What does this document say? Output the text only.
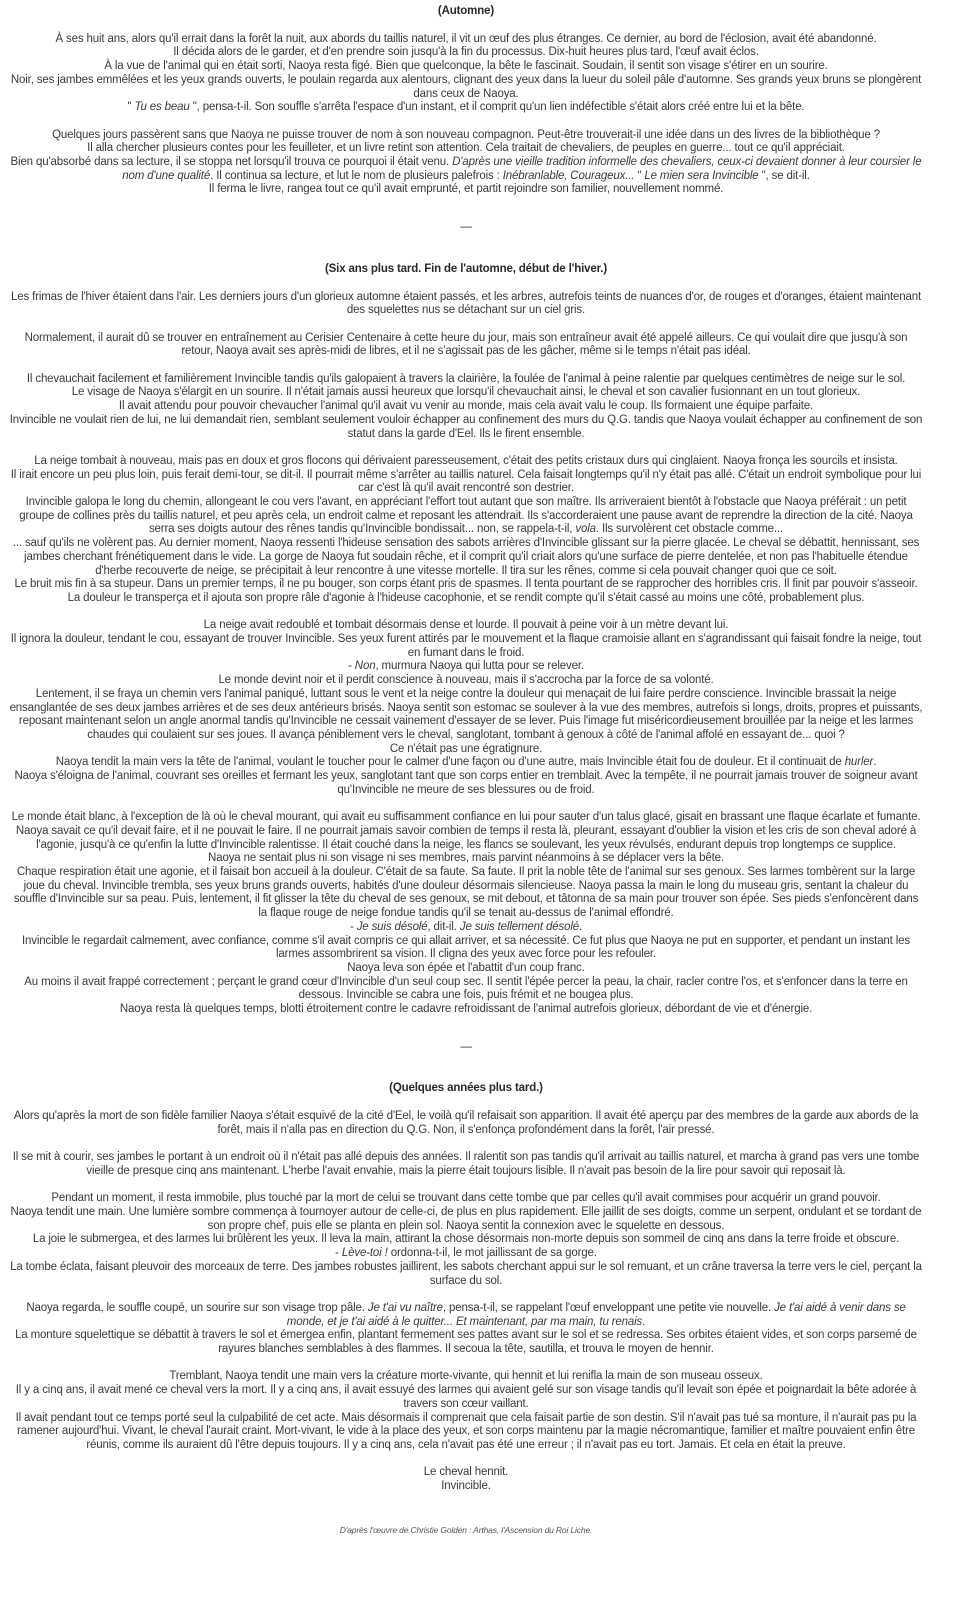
(Automne)
À ses huit ans, alors qu'il errait dans la forêt la nuit, aux abords du taillis naturel, il vit un œuf des plus étranges. Ce dernier, au bord de l'éclosion, avait été abandonné.
Il décida alors de le garder, et d'en prendre soin jusqu'à la fin du processus. Dix-huit heures plus tard, l'œuf avait éclos.
À la vue de l'animal qui en était sorti, Naoya resta figé. Bien que quelconque, la bête le fascinait. Soudain, il sentit son visage s'étirer en un sourire.
Noir, ses jambes emmêlées et les yeux grands ouverts, le poulain regarda aux alentours, clignant des yeux dans la lueur du soleil pâle d'automne. Ses grands yeux bruns se plongèrent dans ceux de Naoya.
" Tu es beau ", pensa-t-il. Son souffle s'arrêta l'espace d'un instant, et il comprit qu'un lien indéfectible s'était alors créé entre lui et la bête.
Quelques jours passèrent sans que Naoya ne puisse trouver de nom à son nouveau compagnon. Peut-être trouverait-il une idée dans un des livres de la bibliothèque ?
Il alla chercher plusieurs contes pour les feuilleter, et un livre retint son attention. Cela traitait de chevaliers, de peuples en guerre... tout ce qu'il appréciait.
Bien qu'absorbé dans sa lecture, il se stoppa net lorsqu'il trouva ce pourquoi il était venu. D'après une vieille tradition informelle des chevaliers, ceux-ci devaient donner à leur coursier le nom d'une qualité. Il continua sa lecture, et lut le nom de plusieurs palefrois : Inébranlable, Courageux... " Le mien sera Invincible ", se dit-il.
Il ferma le livre, rangea tout ce qu'il avait emprunté, et partit rejoindre son familier, nouvellement nommé.
—
(Six ans plus tard. Fin de l'automne, début de l'hiver.)
Les frimas de l'hiver étaient dans l'air. Les derniers jours d'un glorieux automne étaient passés, et les arbres, autrefois teints de nuances d'or, de rouges et d'oranges, étaient maintenant des squelettes nus se détachant sur un ciel gris.
Normalement, il aurait dû se trouver en entraînement au Cerisier Centenaire à cette heure du jour, mais son entraîneur avait été appelé ailleurs. Ce qui voulait dire que jusqu'à son retour, Naoya avait ses après-midi de libres, et il ne s'agissait pas de les gâcher, même si le temps n'était pas idéal.
Il chevauchait facilement et familièrement Invincible tandis qu'ils galopaient à travers la clairière, la foulée de l'animal à peine ralentie par quelques centimètres de neige sur le sol.
Le visage de Naoya s'élargit en un sourire. Il n'était jamais aussi heureux que lorsqu'il chevauchait ainsi, le cheval et son cavalier fusionnant en un tout glorieux.
Il avait attendu pour pouvoir chevaucher l'animal qu'il avait vu venir au monde, mais cela avait valu le coup. Ils formaient une équipe parfaite.
Invincible ne voulait rien de lui, ne lui demandait rien, semblant seulement vouloir échapper au confinement des murs du Q.G. tandis que Naoya voulait échapper au confinement de son statut dans la garde d'Eel. Ils le firent ensemble.
La neige tombait à nouveau, mais pas en doux et gros flocons qui dérivaient paresseusement, c'était des petits cristaux durs qui cinglaient. Naoya fronça les sourcils et insista.
Il irait encore un peu plus loin, puis ferait demi-tour, se dit-il. Il pourrait même s'arrêter au taillis naturel. Cela faisait longtemps qu'il n'y était pas allé. C'était un endroit symbolique pour lui car c'est là qu'il avait rencontré son destrier.
Invincible galopa le long du chemin, allongeant le cou vers l'avant, en appréciant l'effort tout autant que son maître. Ils arriveraient bientôt à l'obstacle que Naoya préférait : un petit groupe de collines près du taillis naturel, et peu après cela, un endroit calme et reposant les attendrait. Ils s'accorderaient une pause avant de reprendre la direction de la cité. Naoya serra ses doigts autour des rênes tandis qu'Invincible bondissait... non, se rappela-t-il, vola. Ils survolèrent cet obstacle comme...
... sauf qu'ils ne volèrent pas. Au dernier moment, Naoya ressenti l'hideuse sensation des sabots arrières d'Invincible glissant sur la pierre glacée. Le cheval se débattit, hennissant, ses jambes cherchant frénétiquement dans le vide. La gorge de Naoya fut soudain rêche, et il comprit qu'il criait alors qu'une surface de pierre dentelée, et non pas l'habituelle étendue d'herbe recouverte de neige, se précipitait à leur rencontre à une vitesse mortelle. Il tira sur les rênes, comme si cela pouvait changer quoi que ce soit.
Le bruit mis fin à sa stupeur. Dans un premier temps, il ne pu bouger, son corps étant pris de spasmes. Il tenta pourtant de se rapprocher des horribles cris. Il finit par pouvoir s'asseoir. La douleur le transperça et il ajouta son propre râle d'agonie à l'hideuse cacophonie, et se rendit compte qu'il s'était cassé au moins une côté, probablement plus.
La neige avait redoublé et tombait désormais dense et lourde. Il pouvait à peine voir à un mètre devant lui.
Il ignora la douleur, tendant le cou, essayant de trouver Invincible. Ses yeux furent attirés par le mouvement et la flaque cramoisie allant en s'agrandissant qui faisait fondre la neige, tout en fumant dans le froid.
- Non, murmura Naoya qui lutta pour se relever.
Le monde devint noir et il perdit conscience à nouveau, mais il s'accrocha par la force de sa volonté.
Lentement, il se fraya un chemin vers l'animal paniqué, luttant sous le vent et la neige contre la douleur qui menaçait de lui faire perdre conscience. Invincible brassait la neige ensanglantée de ses deux jambes arrières et de ses deux antérieurs brisés. Naoya sentit son estomac se soulever à la vue des membres, autrefois si longs, droits, propres et puissants, reposant maintenant selon un angle anormal tandis qu'Invincible ne cessait vainement d'essayer de se lever. Puis l'image fut miséricordieusement brouillée par la neige et les larmes chaudes qui coulaient sur ses joues. Il avança péniblement vers le cheval, sanglotant, tombant à genoux à côté de l'animal affolé en essayant de... quoi ?
Ce n'était pas une égratignure.
Naoya tendit la main vers la tête de l'animal, voulant le toucher pour le calmer d'une façon ou d'une autre, mais Invincible était fou de douleur. Et il continuait de hurler.
Naoya s'éloigna de l'animal, couvrant ses oreilles et fermant les yeux, sanglotant tant que son corps entier en tremblait. Avec la tempête, il ne pourrait jamais trouver de soigneur avant qu'Invincible ne meure de ses blessures ou de froid.
Le monde était blanc, à l'exception de là où le cheval mourant, qui avait eu suffisamment confiance en lui pour sauter d'un talus glacé, gisait en brassant une flaque écarlate et fumante. Naoya savait ce qu'il devait faire, et il ne pouvait le faire. Il ne pourrait jamais savoir combien de temps il resta là, pleurant, essayant d'oublier la vision et les cris de son cheval adoré à l'agonie, jusqu'à ce qu'enfin la lutte d'Invincible ralentisse. Il était couché dans la neige, les flancs se soulevant, les yeux révulsés, endurant depuis trop longtemps ce supplice.
Naoya ne sentait plus ni son visage ni ses membres, mais parvint néanmoins à se déplacer vers la bête.
Chaque respiration était une agonie, et il faisait bon accueil à la douleur. C'était de sa faute. Sa faute. Il prit la noble tête de l'animal sur ses genoux. Ses larmes tombèrent sur la large joue du cheval. Invincible trembla, ses yeux bruns grands ouverts, habités d'une douleur désormais silencieuse. Naoya passa la main le long du museau gris, sentant la chaleur du souffle d'Invincible sur sa peau. Puis, lentement, il fit glisser la tête du cheval de ses genoux, se mit debout, et tâtonna de sa main pour trouver son épée. Ses pieds s'enfoncèrent dans la flaque rouge de neige fondue tandis qu'il se tenait au-dessus de l'animal effondré.
- Je suis désolé, dit-il. Je suis tellement désolé.
Invincible le regardait calmement, avec confiance, comme s'il avait compris ce qui allait arriver, et sa nécessité. Ce fut plus que Naoya ne put en supporter, et pendant un instant les larmes assombrirent sa vision. Il cligna des yeux avec force pour les refouler.
Naoya leva son épée et l'abattit d'un coup franc.
Au moins il avait frappé correctement ; perçant le grand cœur d'Invincible d'un seul coup sec. Il sentit l'épée percer la peau, la chair, racler contre l'os, et s'enfoncer dans la terre en dessous. Invincible se cabra une fois, puis frémit et ne bougea plus.
Naoya resta là quelques temps, blotti étroitement contre le cadavre refroidissant de l'animal autrefois glorieux, débordant de vie et d'énergie.
—
(Quelques années plus tard.)
Alors qu'après la mort de son fidèle familier Naoya s'était esquivé de la cité d'Eel, le voilà qu'il refaisait son apparition. Il avait été aperçu par des membres de la garde aux abords de la forêt, mais il n'alla pas en direction du Q.G. Non, il s'enfonça profondément dans la forêt, l'air pressé.
Il se mit à courir, ses jambes le portant à un endroit où il n'était pas allé depuis des années. Il ralentit son pas tandis qu'il arrivait au taillis naturel, et marcha à grand pas vers une tombe vieille de presque cinq ans maintenant. L'herbe l'avait envahie, mais la pierre était toujours lisible. Il n'avait pas besoin de la lire pour savoir qui reposait là.
Pendant un moment, il resta immobile, plus touché par la mort de celui se trouvant dans cette tombe que par celles qu'il avait commises pour acquérir un grand pouvoir.
Naoya tendit une main. Une lumière sombre commença à tournoyer autour de celle-ci, de plus en plus rapidement. Elle jaillit de ses doigts, comme un serpent, ondulant et se tordant de son propre chef, puis elle se planta en plein sol. Naoya sentit la connexion avec le squelette en dessous.
La joie le submergea, et des larmes lui brûlèrent les yeux. Il leva la main, attirant la chose désormais non-morte depuis son sommeil de cinq ans dans la terre froide et obscure.
- Lève-toi ! ordonna-t-il, le mot jaillissant de sa gorge.
La tombe éclata, faisant pleuvoir des morceaux de terre. Des jambes robustes jaillirent, les sabots cherchant appui sur le sol remuant, et un crâne traversa la terre vers le ciel, perçant la surface du sol.
Naoya regarda, le souffle coupé, un sourire sur son visage trop pâle. Je t'ai vu naître, pensa-t-il, se rappelant l'œuf enveloppant une petite vie nouvelle. Je t'ai aidé à venir dans se monde, et je t'ai aidé à le quitter... Et maintenant, par ma main, tu renais.
La monture squelettique se débattit à travers le sol et émergea enfin, plantant fermement ses pattes avant sur le sol et se redressa. Ses orbites étaient vides, et son corps parsemé de rayures blanches semblables à des flammes. Il secoua la tête, sautilla, et trouva le moyen de hennir.
Tremblant, Naoya tendit une main vers la créature morte-vivante, qui hennit et lui renifla la main de son museau osseux.
Il y a cinq ans, il avait mené ce cheval vers la mort. Il y a cinq ans, il avait essuyé des larmes qui avaient gelé sur son visage tandis qu'il levait son épée et poignardait la bête adorée à travers son cœur vaillant.
Il avait pendant tout ce temps porté seul la culpabilité de cet acte. Mais désormais il comprenait que cela faisait partie de son destin. S'il n'avait pas tué sa monture, il n'aurait pas pu la ramener aujourd'hui. Vivant, le cheval l'aurait craint. Mort-vivant, le vide à la place des yeux, et son corps maintenu par la magie nécromantique, familier et maître pouvaient enfin être réunis, comme ils auraient dû l'être depuis toujours. Il y a cinq ans, cela n'avait pas été une erreur ; il n'avait pas eu tort. Jamais. Et cela en était la preuve.
Le cheval hennit.
Invincible.
D'après l'œuvre de Christie Golden : Arthas, l'Ascension du Roi Liche.
